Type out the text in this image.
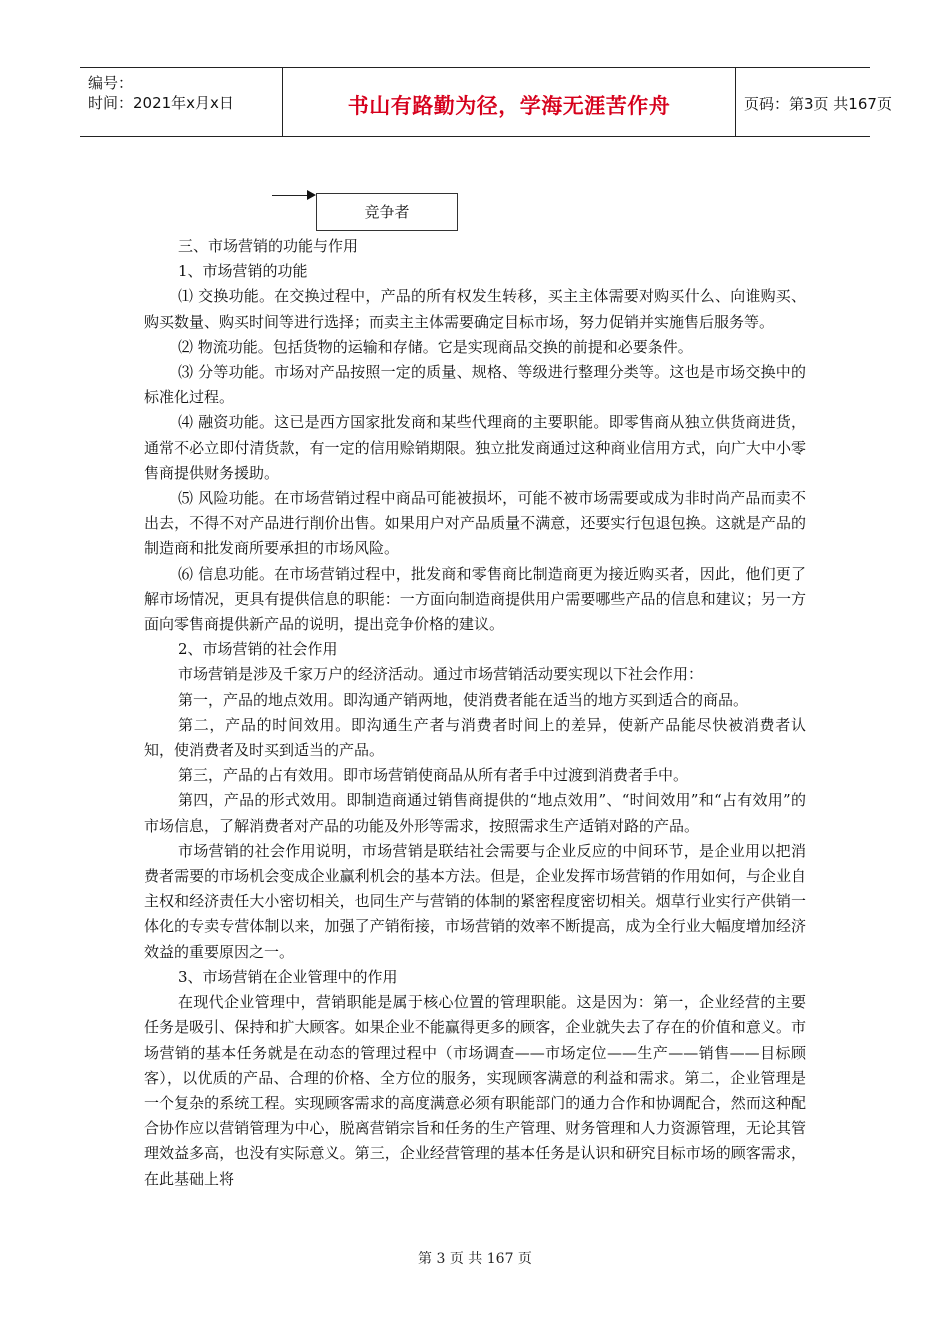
编号：
时间：2021年x月x日	书山有路勤为径，学海无涯苦作舟	页码：第3页 共167页
竞争者

三、市场营销的功能与作用

1、市场营销的功能

⑴ 交换功能。在交换过程中，产品的所有权发生转移，买主主体需要对购买什么、向谁购买、购买数量、购买时间等进行选择；而卖主主体需要确定目标市场，努力促销并实施售后服务等。

⑵ 物流功能。包括货物的运输和存储。它是实现商品交换的前提和必要条件。

⑶ 分等功能。市场对产品按照一定的质量、规格、等级进行整理分类等。这也是市场交换中的标准化过程。

⑷ 融资功能。这已是西方国家批发商和某些代理商的主要职能。即零售商从独立供货商进货，通常不必立即付清货款，有一定的信用赊销期限。独立批发商通过这种商业信用方式，向广大中小零售商提供财务援助。

⑸ 风险功能。在市场营销过程中商品可能被损坏，可能不被市场需要或成为非时尚产品而卖不出去，不得不对产品进行削价出售。如果用户对产品质量不满意，还要实行包退包换。这就是产品的制造商和批发商所要承担的市场风险。

⑹ 信息功能。在市场营销过程中，批发商和零售商比制造商更为接近购买者，因此，他们更了解市场情况，更具有提供信息的职能：一方面向制造商提供用户需要哪些产品的信息和建议；另一方面向零售商提供新产品的说明，提出竞争价格的建议。

2、市场营销的社会作用

市场营销是涉及千家万户的经济活动。通过市场营销活动要实现以下社会作用：

第一，产品的地点效用。即沟通产销两地，使消费者能在适当的地方买到适合的商品。

第二，产品的时间效用。即沟通生产者与消费者时间上的差异，使新产品能尽快被消费者认知，使消费者及时买到适当的产品。

第三，产品的占有效用。即市场营销使商品从所有者手中过渡到消费者手中。

第四，产品的形式效用。即制造商通过销售商提供的“地点效用”、“时间效用”和“占有效用”的市场信息，了解消费者对产品的功能及外形等需求，按照需求生产适销对路的产品。

市场营销的社会作用说明，市场营销是联结社会需要与企业反应的中间环节，是企业用以把消费者需要的市场机会变成企业赢利机会的基本方法。但是，企业发挥市场营销的作用如何，与企业自主权和经济责任大小密切相关，也同生产与营销的体制的紧密程度密切相关。烟草行业实行产供销一体化的专卖专营体制以来，加强了产销衔接，市场营销的效率不断提高，成为全行业大幅度增加经济效益的重要原因之一。

3、市场营销在企业管理中的作用

在现代企业管理中，营销职能是属于核心位置的管理职能。这是因为：第一，企业经营的主要任务是吸引、保持和扩大顾客。如果企业不能赢得更多的顾客，企业就失去了存在的价值和意义。市场营销的基本任务就是在动态的管理过程中（市场调查——市场定位——生产——销售——目标顾客），以优质的产品、合理的价格、全方位的服务，实现顾客满意的利益和需求。第二，企业管理是一个复杂的系统工程。实现顾客需求的高度满意必须有职能部门的通力合作和协调配合，然而这种配合协作应以营销管理为中心，脱离营销宗旨和任务的生产管理、财务管理和人力资源管理，无论其管理效益多高，也没有实际意义。第三，企业经营管理的基本任务是认识和研究目标市场的顾客需求，在此基础上将

第 3 页 共 167 页
